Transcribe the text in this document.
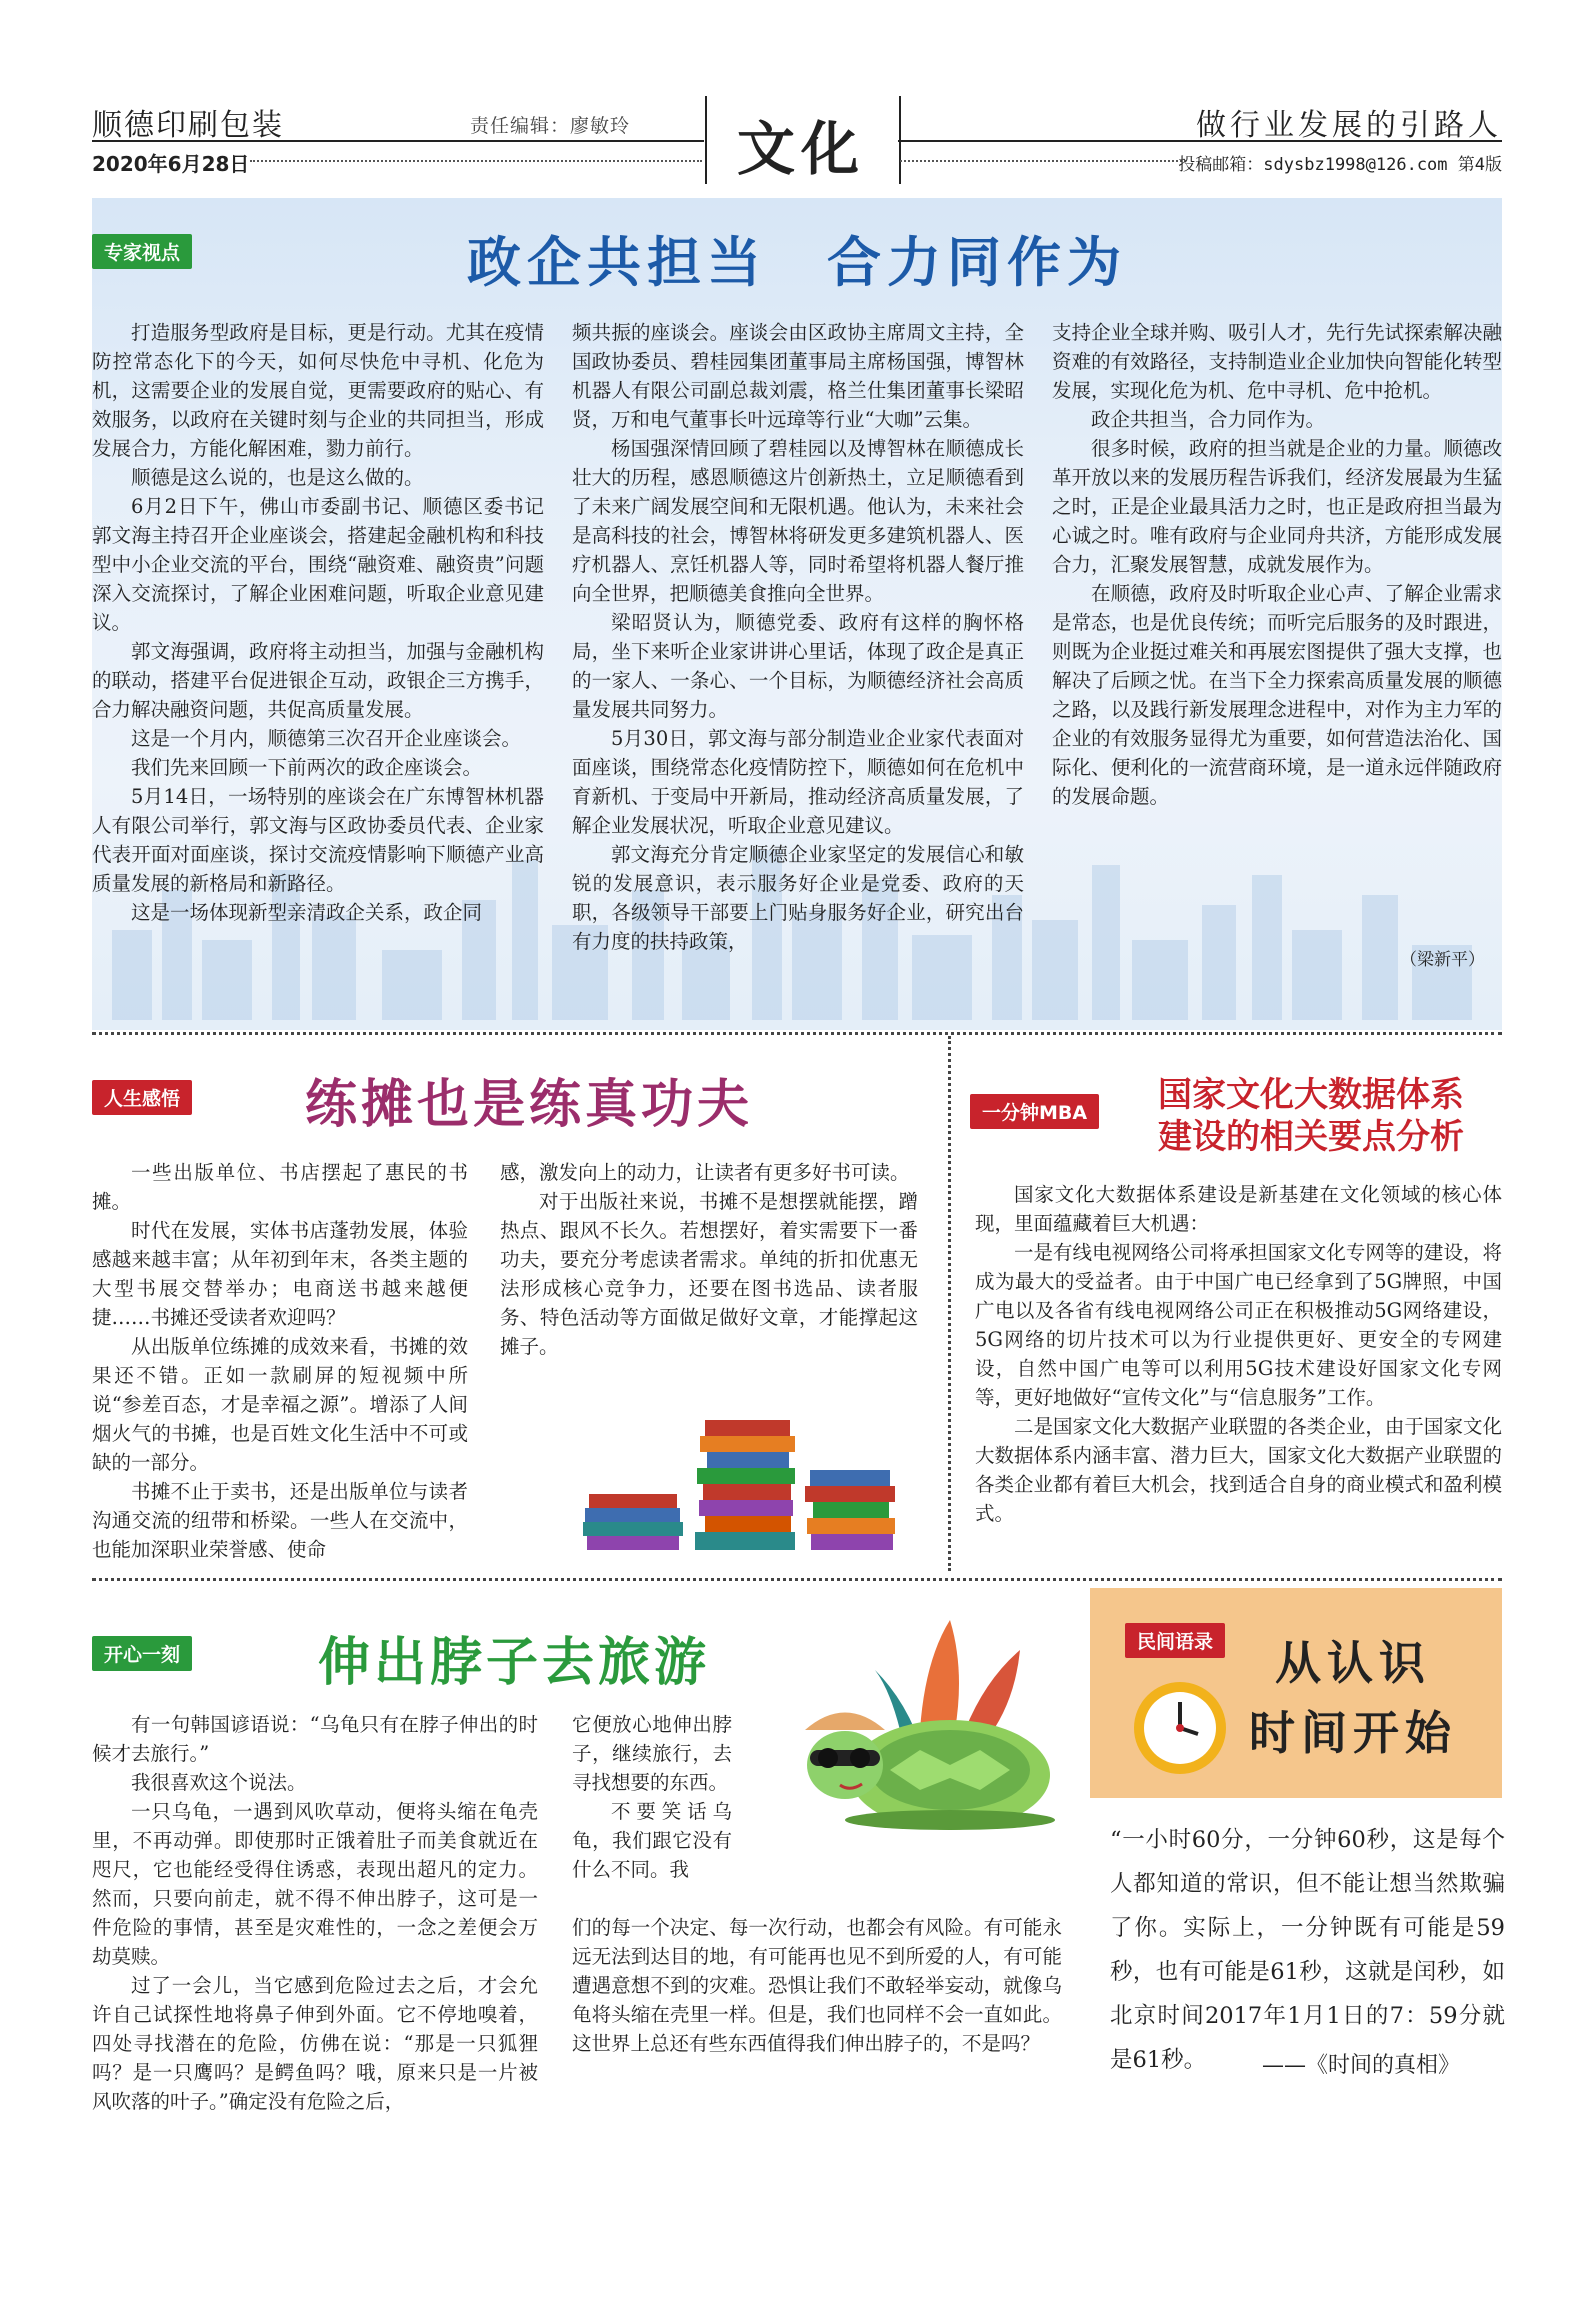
顺德印刷包装	责任编辑：廖敏玲	文化	做行业发展的引路人
2020年6月28日	投稿邮箱：sdysbz1998@126.com 第4版
专家视点	政企共担当　合力同作为

打造服务型政府是目标，更是行动。尤其在疫情防控常态化下的今天，如何尽快危中寻机、化危为机，这需要企业的发展自觉，更需要政府的贴心、有效服务，以政府在关键时刻与企业的共同担当，形成发展合力，方能化解困难，勠力前行。

顺德是这么说的，也是这么做的。

6月2日下午，佛山市委副书记、顺德区委书记郭文海主持召开企业座谈会，搭建起金融机构和科技型中小企业交流的平台，围绕“融资难、融资贵”问题深入交流探讨，了解企业困难问题，听取企业意见建议。

郭文海强调，政府将主动担当，加强与金融机构的联动，搭建平台促进银企互动，政银企三方携手，合力解决融资问题，共促高质量发展。

这是一个月内，顺德第三次召开企业座谈会。

我们先来回顾一下前两次的政企座谈会。

5月14日，一场特别的座谈会在广东博智林机器人有限公司举行，郭文海与区政协委员代表、企业家代表开面对面座谈，探讨交流疫情影响下顺德产业高质量发展的新格局和新路径。

这是一场体现新型亲清政企关系，政企同

频共振的座谈会。座谈会由区政协主席周文主持，全国政协委员、碧桂园集团董事局主席杨国强，博智林机器人有限公司副总裁刘震，格兰仕集团董事长梁昭贤，万和电气董事长叶远璋等行业“大咖”云集。

杨国强深情回顾了碧桂园以及博智林在顺德成长壮大的历程，感恩顺德这片创新热土，立足顺德看到了未来广阔发展空间和无限机遇。他认为，未来社会是高科技的社会，博智林将研发更多建筑机器人、医疗机器人、烹饪机器人等，同时希望将机器人餐厅推向全世界，把顺德美食推向全世界。

梁昭贤认为，顺德党委、政府有这样的胸怀格局，坐下来听企业家讲讲心里话，体现了政企是真正的一家人、一条心、一个目标，为顺德经济社会高质量发展共同努力。

5月30日，郭文海与部分制造业企业家代表面对面座谈，围绕常态化疫情防控下，顺德如何在危机中育新机、于变局中开新局，推动经济高质量发展，了解企业发展状况，听取企业意见建议。

郭文海充分肯定顺德企业家坚定的发展信心和敏锐的发展意识，表示服务好企业是党委、政府的天职，各级领导干部要上门贴身服务好企业，研究出台有力度的扶持政策，

支持企业全球并购、吸引人才，先行先试探索解决融资难的有效路径，支持制造业企业加快向智能化转型发展，实现化危为机、危中寻机、危中抢机。

政企共担当，合力同作为。

很多时候，政府的担当就是企业的力量。顺德改革开放以来的发展历程告诉我们，经济发展最为生猛之时，正是企业最具活力之时，也正是政府担当最为心诚之时。唯有政府与企业同舟共济，方能形成发展合力，汇聚发展智慧，成就发展作为。

在顺德，政府及时听取企业心声、了解企业需求是常态，也是优良传统；而听完后服务的及时跟进，则既为企业挺过难关和再展宏图提供了强大支撑，也解决了后顾之忧。在当下全力探索高质量发展的顺德之路，以及践行新发展理念进程中，对作为主力军的企业的有效服务显得尤为重要，如何营造法治化、国际化、便利化的一流营商环境，是一道永远伴随政府的发展命题。

（梁新平）
人生感悟 练摊也是练真功夫

一些出版单位、书店摆起了惠民的书摊。

时代在发展，实体书店蓬勃发展，体验感越来越丰富；从年初到年末，各类主题的大型书展交替举办；电商送书越来越便捷……书摊还受读者欢迎吗？

从出版单位练摊的成效来看，书摊的效果还不错。正如一款刷屏的短视频中所说“参差百态，才是幸福之源”。增添了人间烟火气的书摊，也是百姓文化生活中不可或缺的一部分。

书摊不止于卖书，还是出版单位与读者沟通交流的纽带和桥梁。一些人在交流中，也能加深职业荣誉感、使命

感，激发向上的动力，让读者有更多好书可读。

对于出版社来说，书摊不是想摆就能摆，蹭热点、跟风不长久。若想摆好，着实需要下一番功夫，要充分考虑读者需求。单纯的折扣优惠无法形成核心竞争力，还要在图书选品、读者服务、特色活动等方面做足做好文章，才能撑起这摊子。

一分钟MBA	国家文化大数据体系
建设的相关要点分析

国家文化大数据体系建设是新基建在文化领域的核心体现，里面蕴藏着巨大机遇：

一是有线电视网络公司将承担国家文化专网等的建设，将成为最大的受益者。由于中国广电已经拿到了5G牌照，中国广电以及各省有线电视网络公司正在积极推动5G网络建设，5G网络的切片技术可以为行业提供更好、更安全的专网建设，自然中国广电等可以利用5G技术建设好国家文化专网等，更好地做好“宣传文化”与“信息服务”工作。

二是国家文化大数据产业联盟的各类企业，由于国家文化大数据体系内涵丰富、潜力巨大，国家文化大数据产业联盟的各类企业都有着巨大机会，找到适合自身的商业模式和盈利模式。

开心一刻	伸出脖子去旅游

有一句韩国谚语说：“乌龟只有在脖子伸出的时候才去旅行。”

我很喜欢这个说法。

一只乌龟，一遇到风吹草动，便将头缩在龟壳里，不再动弹。即使那时正饿着肚子而美食就近在咫尺，它也能经受得住诱惑，表现出超凡的定力。然而，只要向前走，就不得不伸出脖子，这可是一件危险的事情，甚至是灾难性的，一念之差便会万劫莫赎。

过了一会儿，当它感到危险过去之后，才会允许自己试探性地将鼻子伸到外面。它不停地嗅着，四处寻找潜在的危险，仿佛在说：“那是一只狐狸吗？是一只鹰吗？是鳄鱼吗？哦，原来只是一片被风吹落的叶子。”确定没有危险之后，

它便放心地伸出脖子，继续旅行，去寻找想要的东西。

不要笑话乌龟，我们跟它没有什么不同。我

们的每一个决定、每一次行动，也都会有风险。有可能永远无法到达目的地，有可能再也见不到所爱的人，有可能遭遇意想不到的灾难。恐惧让我们不敢轻举妄动，就像乌龟将头缩在壳里一样。但是，我们也同样不会一直如此。这世界上总还有些东西值得我们伸出脖子的，不是吗？

民间语录	从认识
时间开始
“一小时60分，一分钟60秒，这是每个人都知道的常识，但不能让想当然欺骗了你。实际上，一分钟既有可能是59秒，也有可能是61秒，这就是闰秒，如北京时间2017年1月1日的7：59分就是61秒。	——《时间的真相》
